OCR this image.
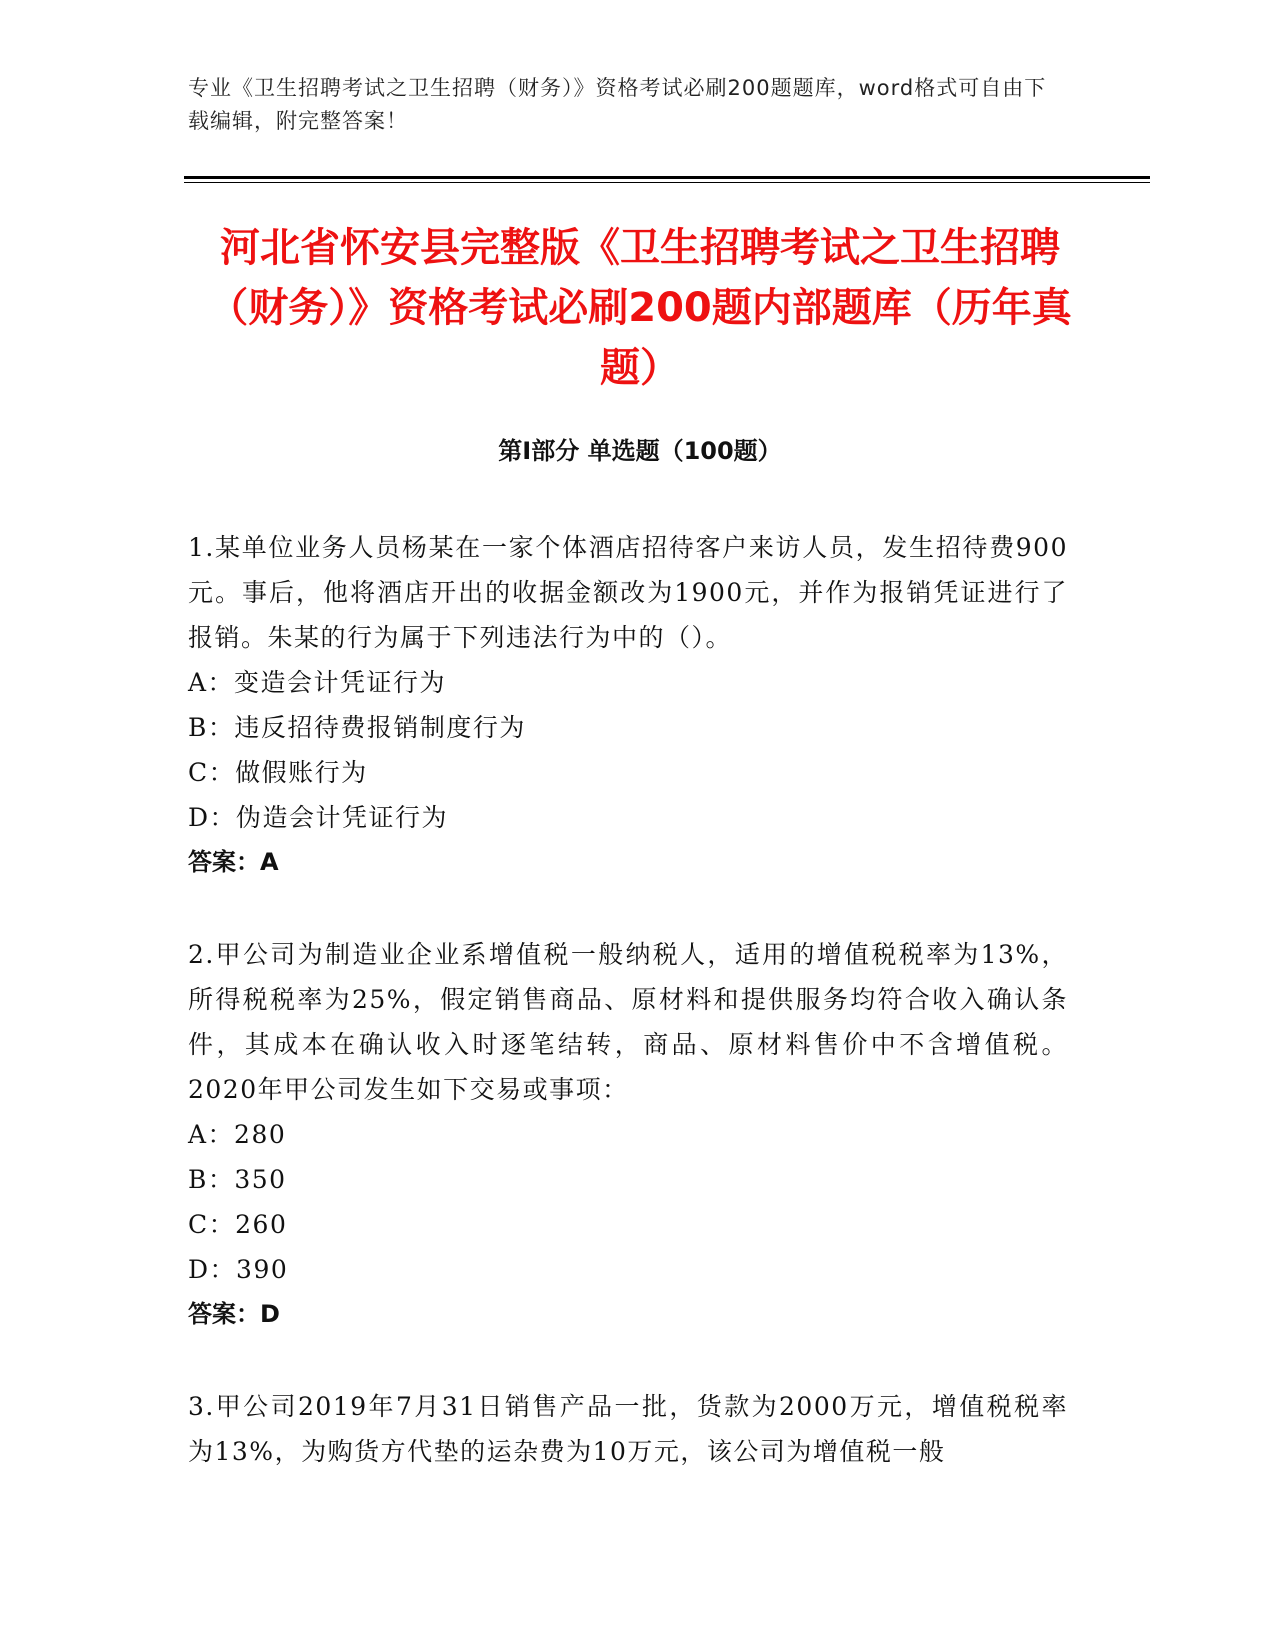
专业《卫生招聘考试之卫生招聘（财务）》资格考试必刷200题题库，word格式可自由下载编辑，附完整答案！
河北省怀安县完整版《卫生招聘考试之卫生招聘（财务）》资格考试必刷200题内部题库（历年真题）
第I部分 单选题（100题）
1.某单位业务人员杨某在一家个体酒店招待客户来访人员，发生招待费900元。事后，他将酒店开出的收据金额改为1900元，并作为报销凭证进行了报销。朱某的行为属于下列违法行为中的（）。
A：变造会计凭证行为
B：违反招待费报销制度行为
C：做假账行为
D：伪造会计凭证行为
答案：A
2.甲公司为制造业企业系增值税一般纳税人，适用的增值税税率为13%，所得税税率为25%，假定销售商品、原材料和提供服务均符合收入确认条件，其成本在确认收入时逐笔结转，商品、原材料售价中不含增值税。2020年甲公司发生如下交易或事项：
A：280
B：350
C：260
D：390
答案：D
3.甲公司2019年7月31日销售产品一批，货款为2000万元，增值税税率为13%，为购货方代垫的运杂费为10万元，该公司为增值税一般
